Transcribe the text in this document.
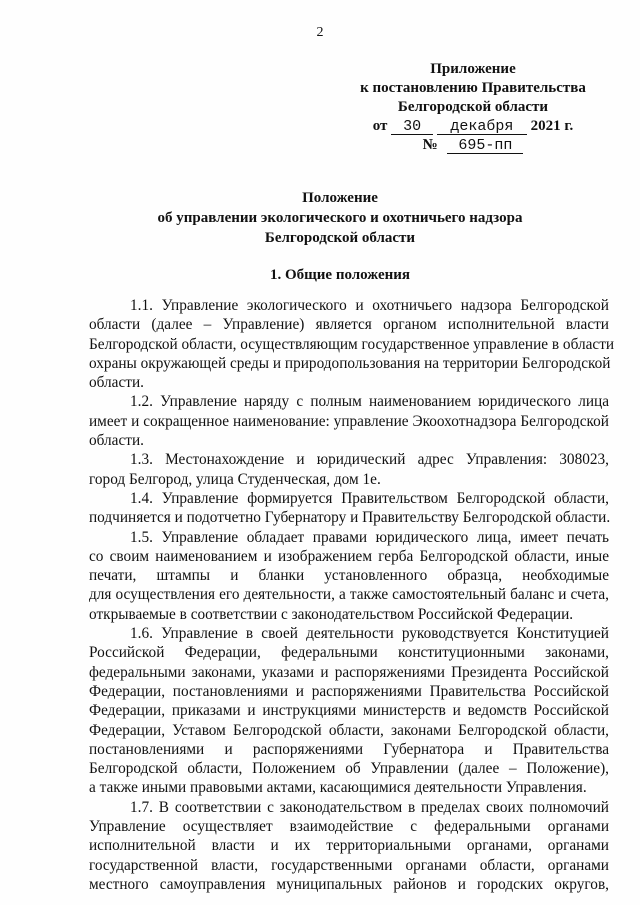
2
Приложение
к постановлению Правительства
Белгородской области
от 30 декабря 2021 г.
№ 695-пп
Положение
об управлении экологического и охотничьего надзора
Белгородской области
1. Общие положения

1.1. Управление экологического и охотничьего надзора Белгородской
области (далее – Управление) является органом исполнительной власти
Белгородской области, осуществляющим государственное управление в области
охраны окружающей среды и природопользования на территории Белгородской
области.

1.2. Управление наряду с полным наименованием юридического лица
имеет и сокращенное наименование: управление Экоохотнадзора Белгородской
области.

1.3. Местонахождение и юридический адрес Управления: 308023,
город Белгород, улица Студенческая, дом 1е.

1.4. Управление формируется Правительством Белгородской области,
подчиняется и подотчетно Губернатору и Правительству Белгородской области.

1.5. Управление обладает правами юридического лица, имеет печать
со своим наименованием и изображением герба Белгородской области, иные
печати, штампы и бланки установленного образца, необходимые
для осуществления его деятельности, а также самостоятельный баланс и счета,
открываемые в соответствии с законодательством Российской Федерации.

1.6. Управление в своей деятельности руководствуется Конституцией
Российской Федерации, федеральными конституционными законами,
федеральными законами, указами и распоряжениями Президента Российской
Федерации, постановлениями и распоряжениями Правительства Российской
Федерации, приказами и инструкциями министерств и ведомств Российской
Федерации, Уставом Белгородской области, законами Белгородской области,
постановлениями и распоряжениями Губернатора и Правительства
Белгородской области, Положением об Управлении (далее – Положение),
а также иными правовыми актами, касающимися деятельности Управления.

1.7. В соответствии с законодательством в пределах своих полномочий
Управление осуществляет взаимодействие с федеральными органами
исполнительной власти и их территориальными органами, органами
государственной власти, государственными органами области, органами
местного самоуправления муниципальных районов и городских округов,
